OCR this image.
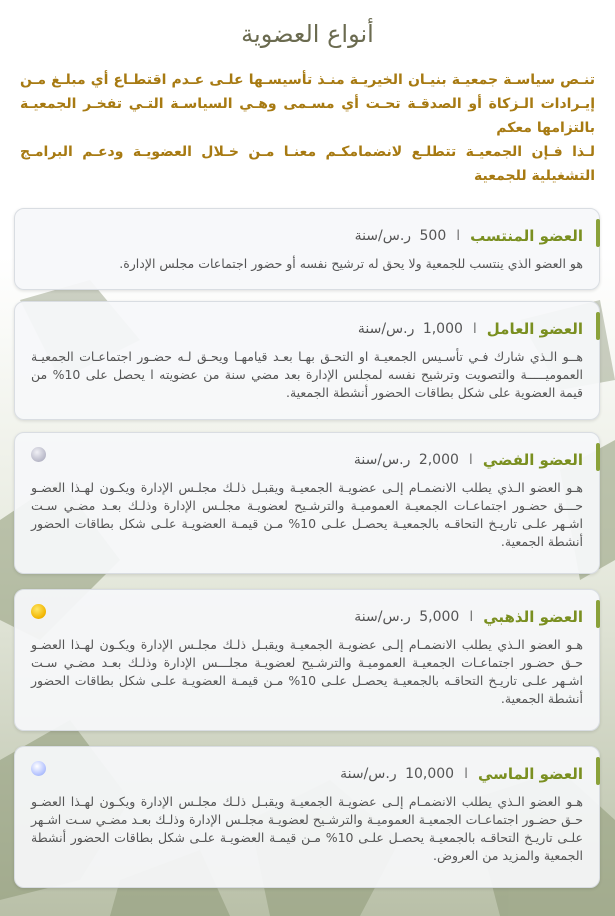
أنواع العضوية

تنـص سياسـة جمعيـة بنيـان الخيريـة منـذ تأسيسـها علـى عـدم اقتطـاع أي مبلـغ مـن إيـرادات الـزكاة أو الصدقـة تحـت أي مسـمى وهـي السياسـة التـي تفخـر الجمعيـة بالتزامها معكم

لـذا فـإن الجمعيـة تتطلـع لانضمامكـم معنـا مـن خـلال العضويـة ودعـم البرامـج التشغيلية للجمعية

العضو المنتسب
ا
500 ر.س/سنة

هو العضو الذي ينتسب للجمعية ولا يحق له ترشيح نفسه أو حضور اجتماعات مجلس الإدارة.

العضو العامل
ا
1,000 ر.س/سنة

هــو الـذي شارك فـي تأسـيس الجمعيـة او التحـق بهـا بعـد قيامهـا ويحـق لـه حضـور اجتماعـات الجمعيـة العموميـــــة والتصويت وترشيح نفسه لمجلس الإدارة بعد مضي سنة من عضويته ا يحصل على 10% من قيمة العضوية على شكل بطاقات الحضور أنشطة الجمعية.

العضو الفضي
ا
2,000 ر.س/سنة

هـو العضو الـذي يطلب الانضمـام إلـى عضويـة الجمعيـة ويقبـل ذلـك مجلـس الإدارة ويكـون لهـذا العضـو حـــق حضـور اجتماعـات الجمعيـة العموميـة والترشـيح لعضويـة مجلـس الإدارة وذلـك بعـد مضـي سـت اشـهر علـى تاريـخ التحاقـه بالجمعيـة يحصـل علـى 10% مـن قيمـة العضويـة علـى شكل بطاقات الحضور أنشطة الجمعية.

العضو الذهبي
ا
5,000 ر.س/سنة

هـو العضو الـذي يطلب الانضمـام إلـى عضويـة الجمعيـة ويقبـل ذلـك مجلـس الإدارة ويكـون لهـذا العضـو حـق حضـور اجتماعـات الجمعيـة العموميـة والترشـيح لعضويـة مجلـــس الإدارة وذلـك بعـد مضـي سـت اشـهر علـى تاريـخ التحاقـه بالجمعيـة يحصـل علـى 10% مـن قيمـة العضويـة علـى شكل بطاقات الحضور أنشطة الجمعية.

العضو الماسي
ا
10,000 ر.س/سنة

هـو العضو الـذي يطلب الانضمـام إلـى عضويـة الجمعيـة ويقبـل ذلـك مجلـس الإدارة ويكـون لهـذا العضـو حـق حضـور اجتماعـات الجمعيـة العموميـة والترشـيح لعضويـة مجلـس الإدارة وذلـك بعـد مضـي سـت اشـهر علـى تاريـخ التحاقـه بالجمعيـة يحصـل علـى 10% مـن قيمـة العضويـة علـى شكل بطاقات الحضور أنشطة الجمعية والمزيد من العروض.
